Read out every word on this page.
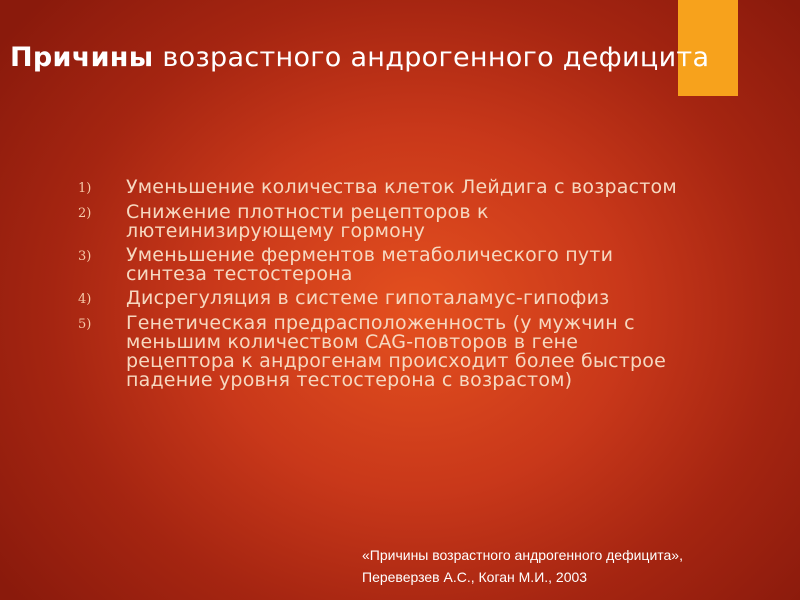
Причины возрастного андрогенного дефицита
1)	Уменьшение количества клеток Лейдига с возрастом
2)	Снижение плотности рецепторов к лютеинизирующему гормону
3)	Уменьшение ферментов метаболического пути синтеза тестостерона
4)	Дисрегуляция в системе гипоталамус-гипофиз
5)	Генетическая предрасположенность (у мужчин с меньшим количеством CAG-повторов в гене рецептора к андрогенам происходит более быстрое падение уровня тестостерона с возрастом)
«Причины возрастного андрогенного дефицита»,
Переверзев А.С., Коган М.И., 2003
